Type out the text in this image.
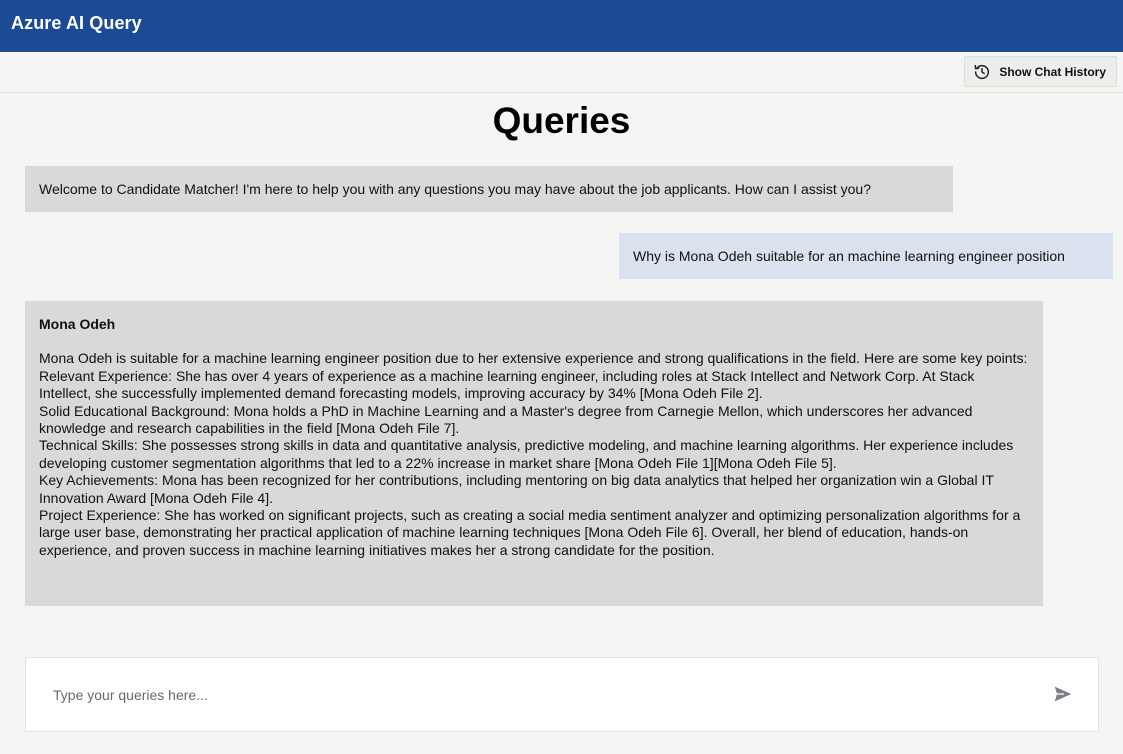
Azure AI Query
Show Chat History
Queries
Welcome to Candidate Matcher! I'm here to help you with any questions you may have about the job applicants. How can I assist you?
Why is Mona Odeh suitable for an machine learning engineer position
Mona Odeh

Mona Odeh is suitable for a machine learning engineer position due to her extensive experience and strong qualifications in the field. Here are some key points:

Relevant Experience: She has over 4 years of experience as a machine learning engineer, including roles at Stack Intellect and Network Corp. At Stack Intellect, she successfully implemented demand forecasting models, improving accuracy by 34% [Mona Odeh File 2].

Solid Educational Background: Mona holds a PhD in Machine Learning and a Master's degree from Carnegie Mellon, which underscores her advanced knowledge and research capabilities in the field [Mona Odeh File 7].

Technical Skills: She possesses strong skills in data and quantitative analysis, predictive modeling, and machine learning algorithms. Her experience includes developing customer segmentation algorithms that led to a 22% increase in market share [Mona Odeh File 1][Mona Odeh File 5].

Key Achievements: Mona has been recognized for her contributions, including mentoring on big data analytics that helped her organization win a Global IT Innovation Award [Mona Odeh File 4].

Project Experience: She has worked on significant projects, such as creating a social media sentiment analyzer and optimizing personalization algorithms for a large user base, demonstrating her practical application of machine learning techniques [Mona Odeh File 6]. Overall, her blend of education, hands-on experience, and proven success in machine learning initiatives makes her a strong candidate for the position.

Type your queries here...
